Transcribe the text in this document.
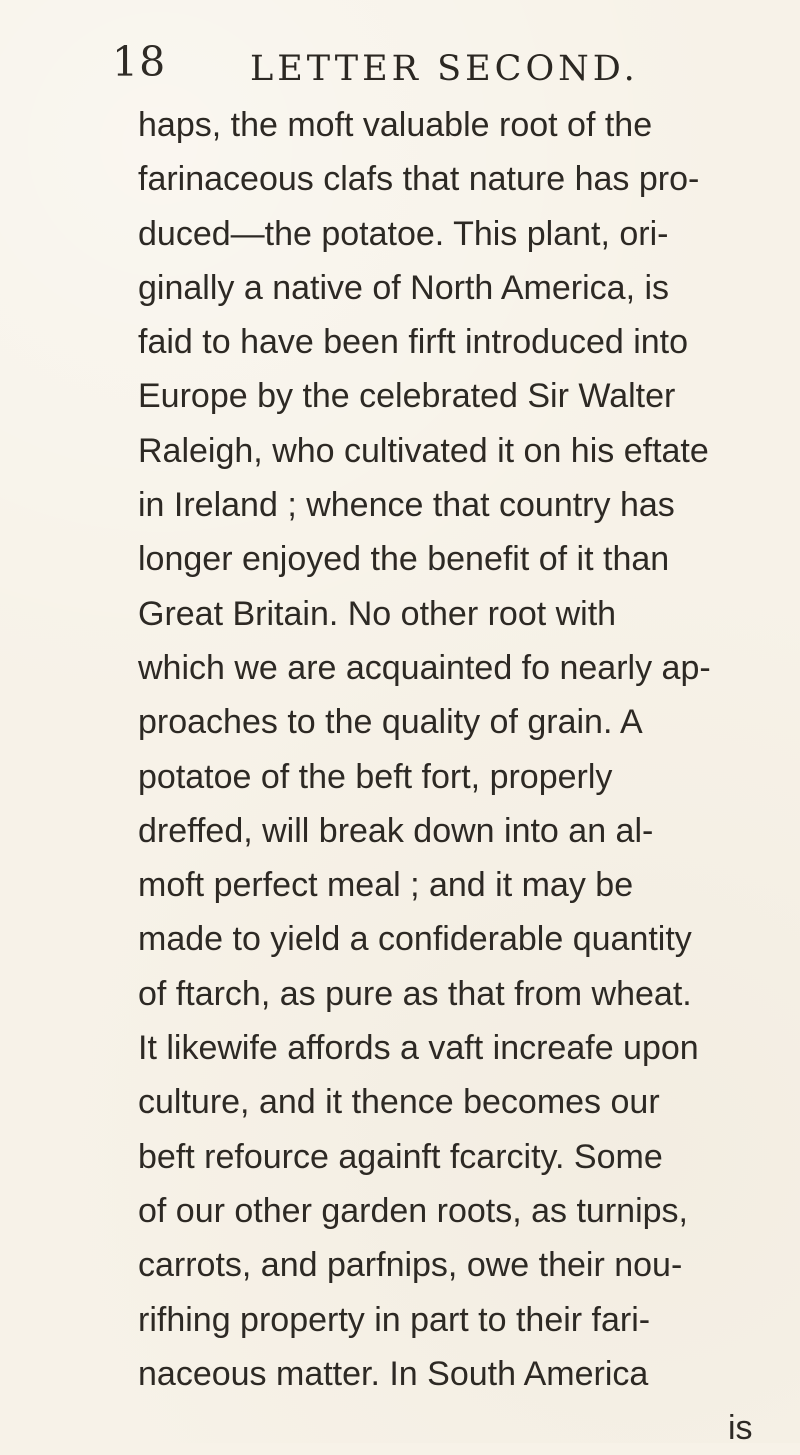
18 LETTER SECOND.
haps, the moft valuable root of the
farinaceous clafs that nature has pro-
duced—the potatoe. This plant, ori-
ginally a native of North America, is
faid to have been firft introduced into
Europe by the celebrated Sir Walter
Raleigh, who cultivated it on his eftate
in Ireland ; whence that country has
longer enjoyed the benefit of it than
Great Britain. No other root with
which we are acquainted fo nearly ap-
proaches to the quality of grain. A
potatoe of the beft fort, properly
dreffed, will break down into an al-
moft perfect meal ; and it may be
made to yield a confiderable quantity
of ftarch, as pure as that from wheat.
It likewife affords a vaft increafe upon
culture, and it thence becomes our
beft refource againft fcarcity. Some
of our other garden roots, as turnips,
carrots, and parfnips, owe their nou-
rifhing property in part to their fari-
naceous matter. In South America
is
